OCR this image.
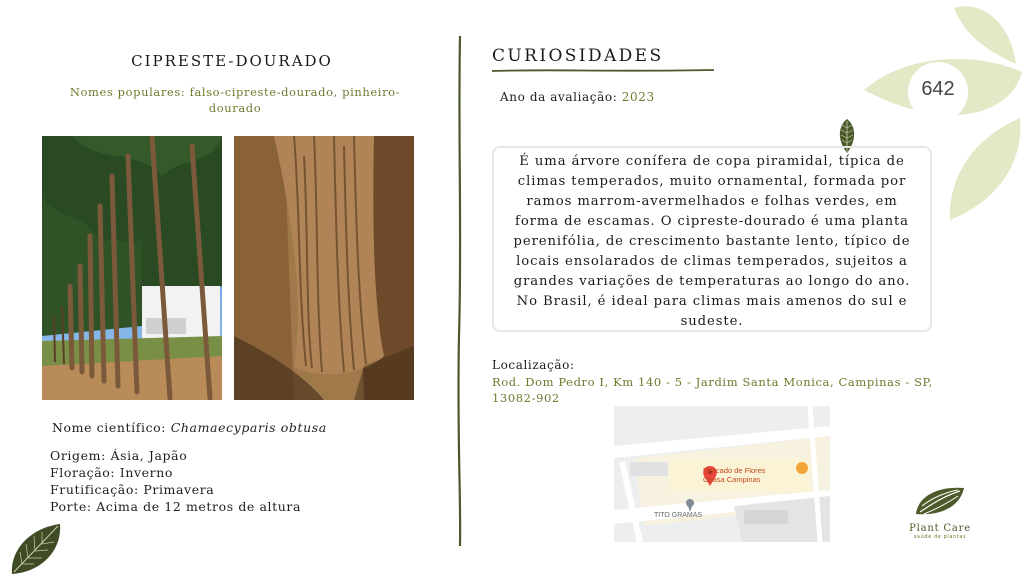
CIPRESTE-DOURADO
Nomes populares: falso-cipreste-dourado, pinheiro-dourado
Nome científico: Chamaecyparis obtusa
Origem: Ásia, Japão
Floração: Inverno
Frutificação: Primavera
Porte: Acima de 12 metros de altura
CURIOSIDADES
Ano da avaliação: 2023	642
É uma árvore conífera de copa piramidal, típica de climas temperados, muito ornamental, formada por ramos marrom-avermelhados e folhas verdes, em forma de escamas. O cipreste-dourado é uma planta perenifólia, de crescimento bastante lento, típico de locais ensolarados de climas temperados, sujeitos a grandes variações de temperaturas ao longo do ano. No Brasil, é ideal para climas mais amenos do sul e sudeste.
Localização:
Rod. Dom Pedro I, Km 140 - 5 - Jardim Santa Monica, Campinas - SP, 13082-902
Mercado de Flores
Ceasa Campinas
TITO GRAMAS
Plant Care
saúde de plantas
